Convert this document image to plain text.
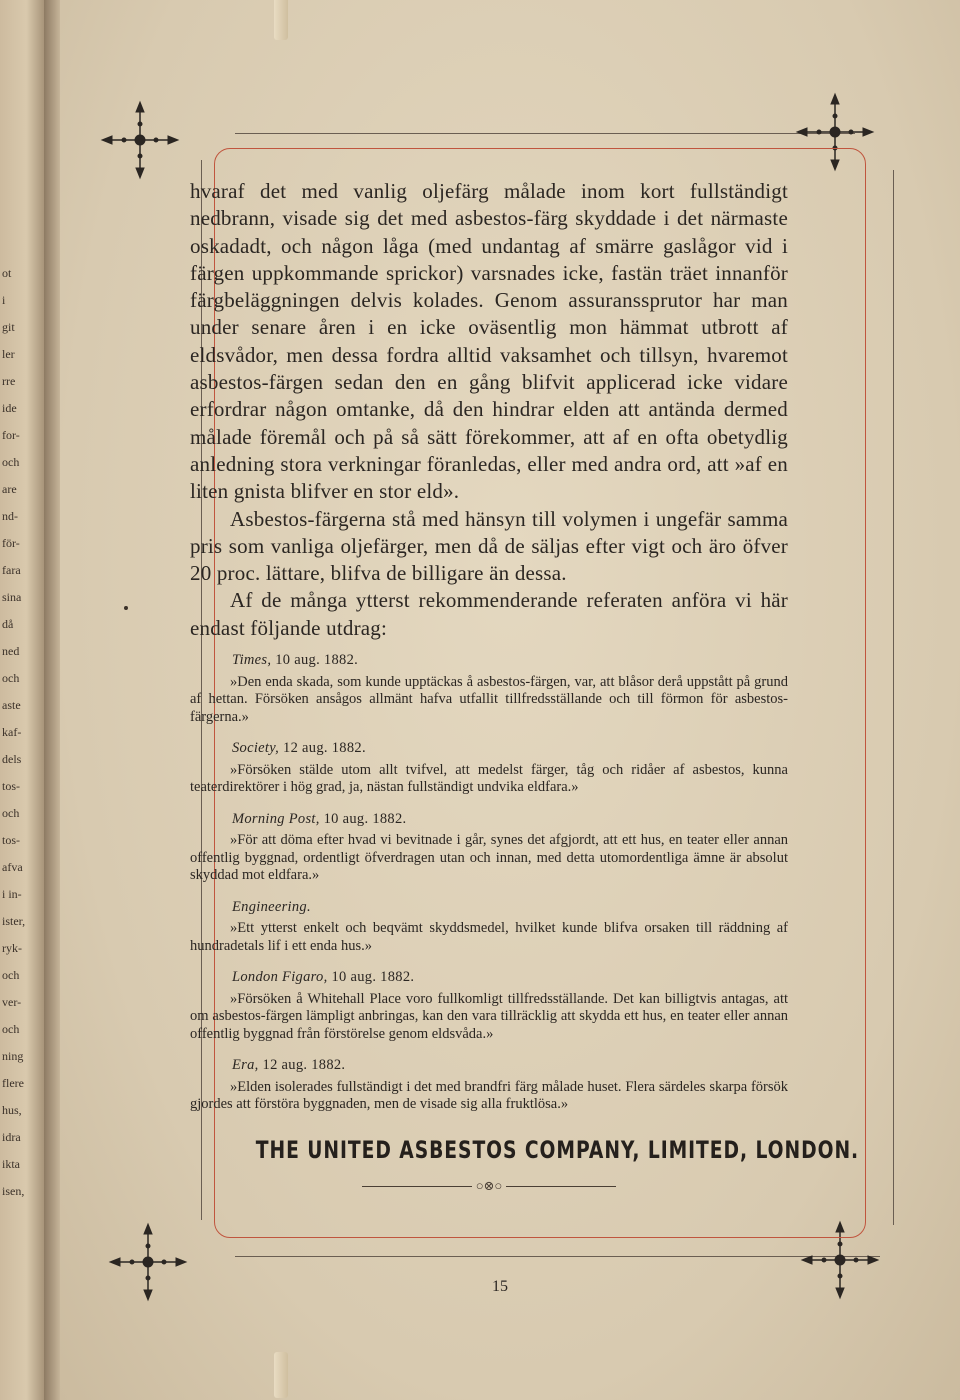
ot
i
git
ler
rre
ide
for-
och
are
nd-
för-
fara
sina
då
ned
och
aste
kaf-
dels
tos-
och
tos-
afva
i in-
ister,
ryk-
och
ver-
och
ning
flere
hus,
idra
ikta
isen,

hvaraf det med vanlig oljefärg målade inom kort fullständigt nedbrann, visade sig det med asbestos-färg skyddade i det närmaste oskadadt, och någon låga (med undantag af smärre gaslågor vid i färgen uppkommande sprickor) varsnades icke, fastän träet innanför färgbeläggningen delvis kolades. Genom assuranssprutor har man under senare åren i en icke oväsentlig mon hämmat utbrott af eldsvådor, men dessa fordra alltid vaksamhet och tillsyn, hvaremot asbestos-färgen sedan den en gång blifvit applicerad icke vidare erfordrar någon omtanke, då den hindrar elden att antända dermed målade föremål och på så sätt förekommer, att af en ofta obetydlig anledning stora verkningar föranledas, eller med andra ord, att »af en liten gnista blifver en stor eld».

Asbestos-färgerna stå med hänsyn till volymen i ungefär samma pris som vanliga oljefärger, men då de säljas efter vigt och äro öfver 20 proc. lättare, blifva de billigare än dessa.

Af de många ytterst rekommenderande referaten anföra vi här endast följande utdrag:

Times, 10 aug. 1882.

»Den enda skada, som kunde upptäckas å asbestos-färgen, var, att blåsor derå uppstått på grund af hettan. Försöken ansågos allmänt hafva utfallit tillfredsställande och till förmon för asbestos-färgerna.»

Society, 12 aug. 1882.

»Försöken stälde utom allt tvifvel, att medelst färger, tåg och ridåer af asbestos, kunna teaterdirektörer i hög grad, ja, nästan fullständigt undvika eldfara.»

Morning Post, 10 aug. 1882.

»För att döma efter hvad vi bevitnade i går, synes det afgjordt, att ett hus, en teater eller annan offentlig byggnad, ordentligt öfverdragen utan och innan, med detta utomordentliga ämne är absolut skyddad mot eldfara.»

Engineering.

»Ett ytterst enkelt och beqvämt skyddsmedel, hvilket kunde blifva orsaken till räddning af hundradetals lif i ett enda hus.»

London Figaro, 10 aug. 1882.

»Försöken å Whitehall Place voro fullkomligt tillfredsställande. Det kan billigtvis antagas, att om asbestos-färgen lämpligt anbringas, kan den vara tillräcklig att skydda ett hus, en teater eller annan offentlig byggnad från förstörelse genom eldsvåda.»

Era, 12 aug. 1882.

»Elden isolerades fullständigt i det med brandfri färg målade huset. Flera särdeles skarpa försök gjordes att förstöra byggnaden, men de visade sig alla fruktlösa.»

THE UNITED ASBESTOS COMPANY, LIMITED, LONDON.
○⊗○
15
